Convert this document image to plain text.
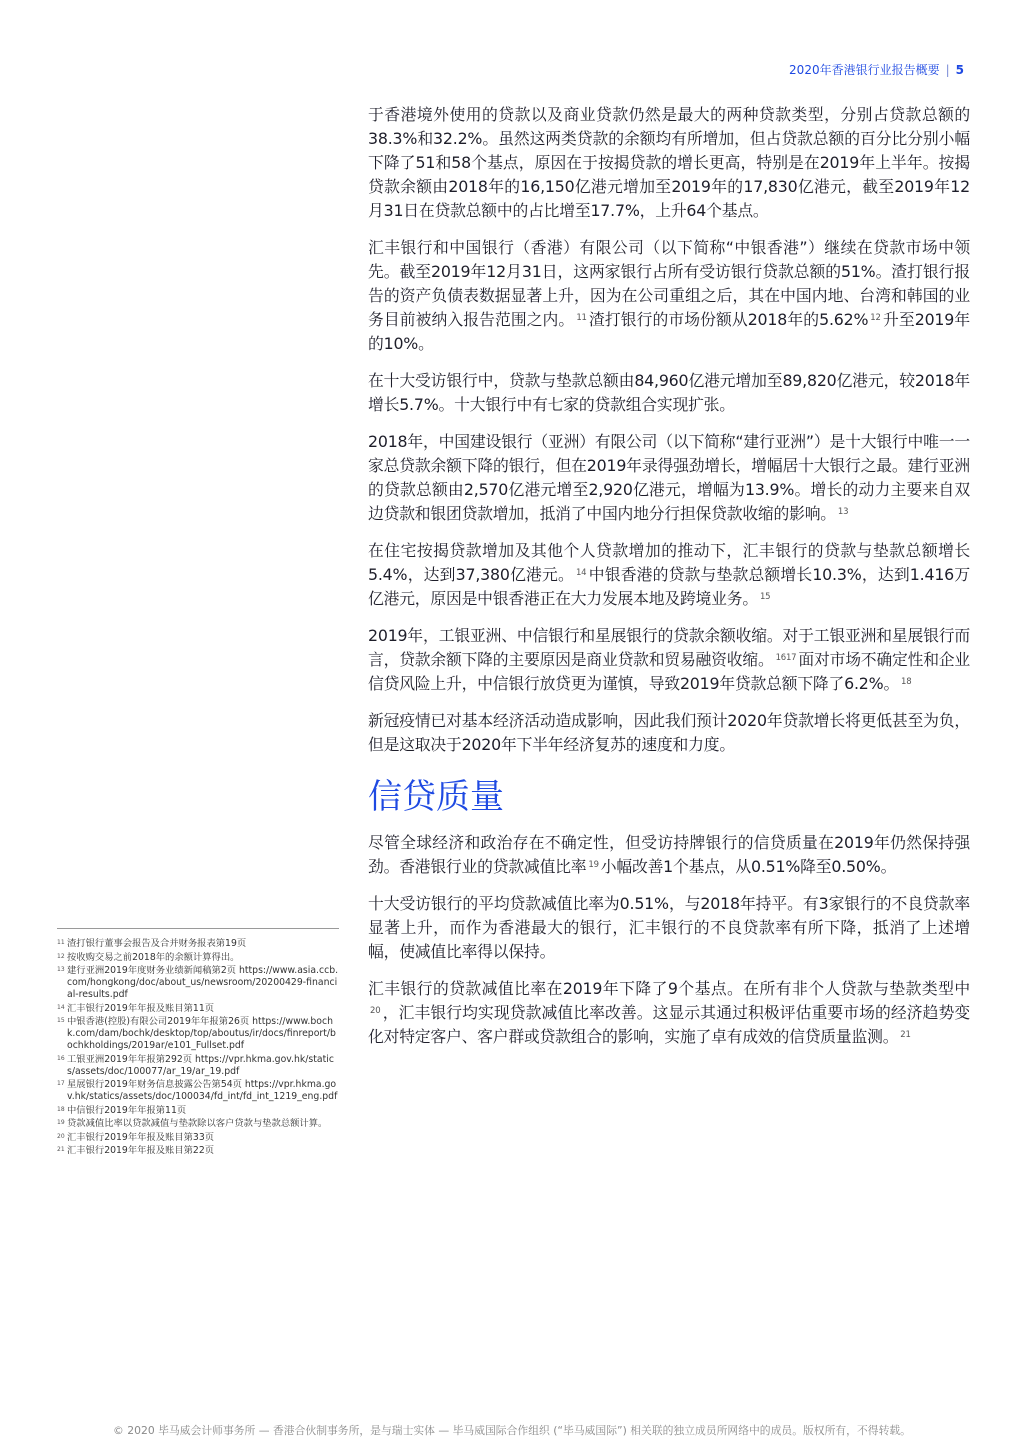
2020年香港银行业报告概要 | 5

于香港境外使用的贷款以及商业贷款仍然是最大的两种贷款类型，分别占贷款总额的38.3%和32.2%。虽然这两类贷款的余额均有所增加，但占贷款总额的百分比分别小幅下降了51和58个基点，原因在于按揭贷款的增长更高，特别是在2019年上半年。按揭贷款余额由2018年的16,150亿港元增加至2019年的17,830亿港元，截至2019年12月31日在贷款总额中的占比增至17.7%，上升64个基点。

汇丰银行和中国银行（香港）有限公司（以下简称“中银香港”）继续在贷款市场中领先。截至2019年12月31日，这两家银行占所有受访银行贷款总额的51%。渣打银行报告的资产负债表数据显著上升，因为在公司重组之后，其在中国内地、台湾和韩国的业务目前被纳入报告范围之内。 $^{11}$ 渣打银行的市场份额从2018年的5.62% $^{12}$ 升至2019年的10%。

在十大受访银行中，贷款与垫款总额由84,960亿港元增加至89,820亿港元，较2018年增长5.7%。十大银行中有七家的贷款组合实现扩张。

2018年，中国建设银行（亚洲）有限公司（以下简称“建行亚洲”）是十大银行中唯一一家总贷款余额下降的银行，但在2019年录得强劲增长，增幅居十大银行之最。建行亚洲的贷款总额由2,570亿港元增至2,920亿港元，增幅为13.9%。增长的动力主要来自双边贷款和银团贷款增加，抵消了中国内地分行担保贷款收缩的影响。 $^{13}$

在住宅按揭贷款增加及其他个人贷款增加的推动下，汇丰银行的贷款与垫款总额增长5.4%，达到37,380亿港元。 $^{14}$ 中银香港的贷款与垫款总额增长10.3%，达到1.416万亿港元，原因是中银香港正在大力发展本地及跨境业务。 $^{15}$

2019年，工银亚洲、中信银行和星展银行的贷款余额收缩。对于工银亚洲和星展银行而言，贷款余额下降的主要原因是商业贷款和贸易融资收缩。 $^{1617}$ 面对市场不确定性和企业信贷风险上升，中信银行放贷更为谨慎，导致2019年贷款总额下降了6.2%。 $^{18}$

新冠疫情已对基本经济活动造成影响，因此我们预计2020年贷款增长将更低甚至为负，但是这取决于2020年下半年经济复苏的速度和力度。

信贷质量

尽管全球经济和政治存在不确定性，但受访持牌银行的信贷质量在2019年仍然保持强劲。香港银行业的贷款减值比率 $^{19}$ 小幅改善1个基点，从0.51%降至0.50%。

十大受访银行的平均贷款减值比率为0.51%，与2018年持平。有3家银行的不良贷款率显著上升，而作为香港最大的银行，汇丰银行的不良贷款率有所下降，抵消了上述增幅，使减值比率得以保持。

汇丰银行的贷款减值比率在2019年下降了9个基点。在所有非个人贷款与垫款类型中$^{20}$ ，汇丰银行均实现贷款减值比率改善。这显示其通过积极评估重要市场的经济趋势变化对特定客户、客户群或贷款组合的影响，实施了卓有成效的信贷质量监测。 $^{21}$

11 渣打银行董事会报告及合并财务报表第19页
12 按收购交易之前2018年的余额计算得出。
13 建行亚洲2019年度财务业绩新闻稿第2页 https://www.asia.ccb.com/hongkong/doc/about_us/newsroom/20200429-financial-results.pdf
14 汇丰银行2019年年报及账目第11页
15 中银香港(控股)有限公司2019年年报第26页 https://www.bochk.com/dam/bochk/desktop/top/aboutus/ir/docs/finreport/bochkholdings/2019ar/e101_Fullset.pdf
16 工银亚洲2019年年报第292页 https://vpr.hkma.gov.hk/statics/assets/doc/100077/ar_19/ar_19.pdf
17 星展银行2019年财务信息披露公告第54页 https://vpr.hkma.gov.hk/statics/assets/doc/100034/fd_int/fd_int_1219_eng.pdf
18 中信银行2019年年报第11页
19 贷款减值比率以贷款减值与垫款除以客户贷款与垫款总额计算。
20 汇丰银行2019年年报及账目第33页
21 汇丰银行2019年年报及账目第22页
© 2020 毕马威会计师事务所 — 香港合伙制事务所，是与瑞士实体 — 毕马威国际合作组织 (“毕马威国际”) 相关联的独立成员所网络中的成员。版权所有，不得转载。
